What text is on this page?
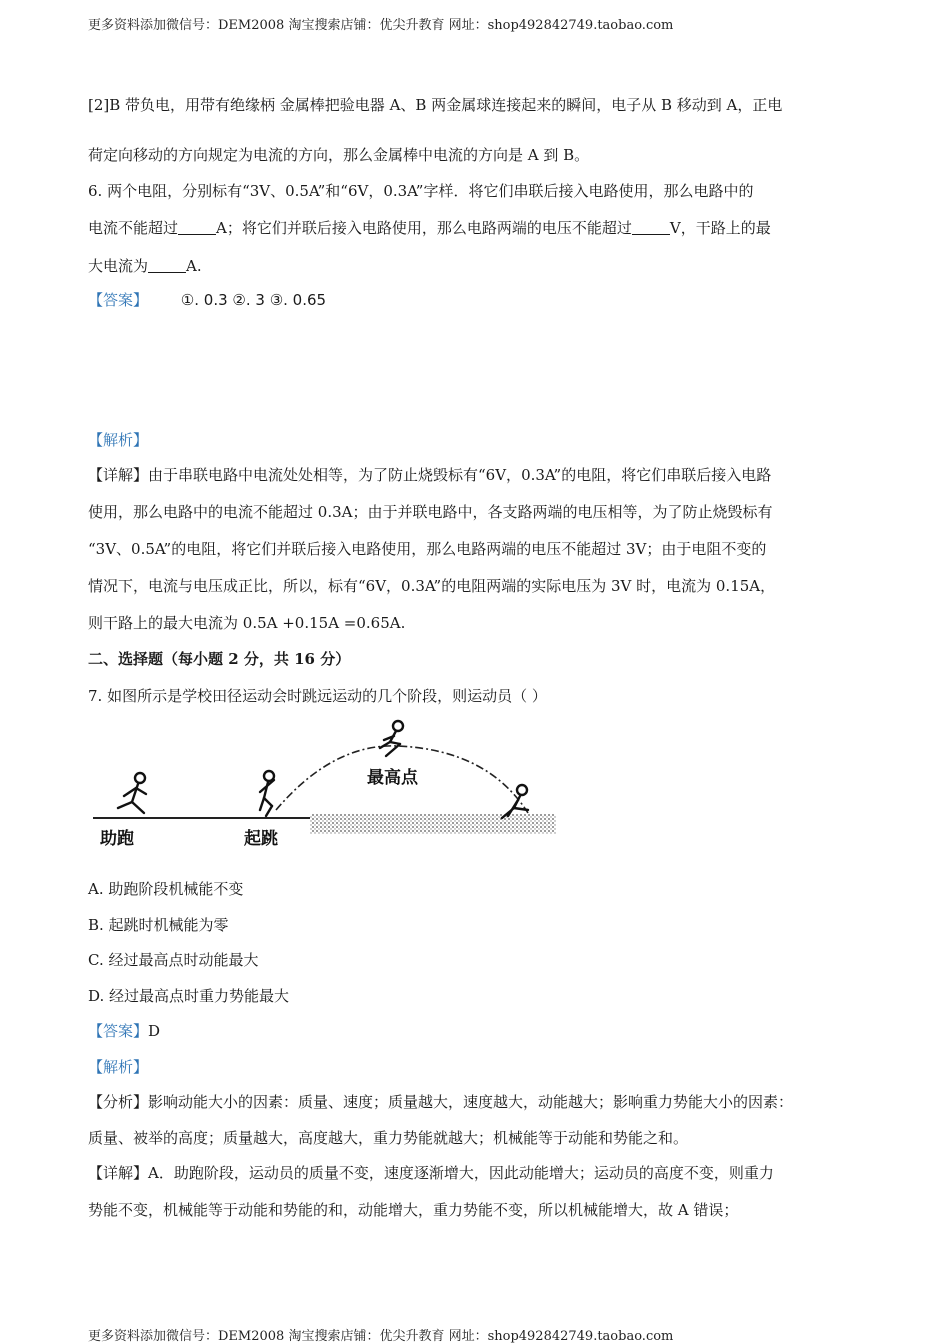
更多资料添加微信号：DEM2008 淘宝搜索店铺：优尖升教育 网址：shop492842749.taobao.com
[2]B 带负电，用带有绝缘柄 金属棒把验电器 A、B 两金属球连接起来的瞬间，电子从 B 移动到 A，正电
荷定向移动的方向规定为电流的方向，那么金属棒中电流的方向是 A 到 B。
6. 两个电阻，分别标有“3V、0.5A”和“6V，0.3A”字样．将它们串联后接入电路使用，那么电路中的
电流不能超过	A；将它们并联后接入电路使用，那么电路两端的电压不能超过	V，干路上的最
大电流为	A.
【答案】 ①. 0.3 ②. 3 ③. 0.65
【解析】
【详解】由于串联电路中电流处处相等，为了防止烧毁标有“6V，0.3A”的电阻，将它们串联后接入电路
使用，那么电路中的电流不能超过 0.3A；由于并联电路中，各支路两端的电压相等，为了防止烧毁标有
“3V、0.5A”的电阻，将它们并联后接入电路使用，那么电路两端的电压不能超过 3V；由于电阻不变的
情况下，电流与电压成正比，所以，标有“6V，0.3A”的电阻两端的实际电压为 3V 时，电流为 0.15A，
则干路上的最大电流为 0.5A +0.15A =0.65A.
二、选择题（每小题 2 分，共 16 分）
7. 如图所示是学校田径运动会时跳远运动的几个阶段，则运动员（ ）
助跑	起跳
最高点
A. 助跑阶段机械能不变
B. 起跳时机械能为零
C. 经过最高点时动能最大
D. 经过最高点时重力势能最大
【答案】D
【解析】
【分析】影响动能大小的因素：质量、速度；质量越大，速度越大，动能越大；影响重力势能大小的因素：
质量、被举的高度；质量越大，高度越大，重力势能就越大；机械能等于动能和势能之和。
【详解】A．助跑阶段，运动员的质量不变，速度逐渐增大，因此动能增大；运动员的高度不变，则重力
势能不变，机械能等于动能和势能的和，动能增大，重力势能不变，所以机械能增大，故 A 错误；
更多资料添加微信号：DEM2008 淘宝搜索店铺：优尖升教育 网址：shop492842749.taobao.com
